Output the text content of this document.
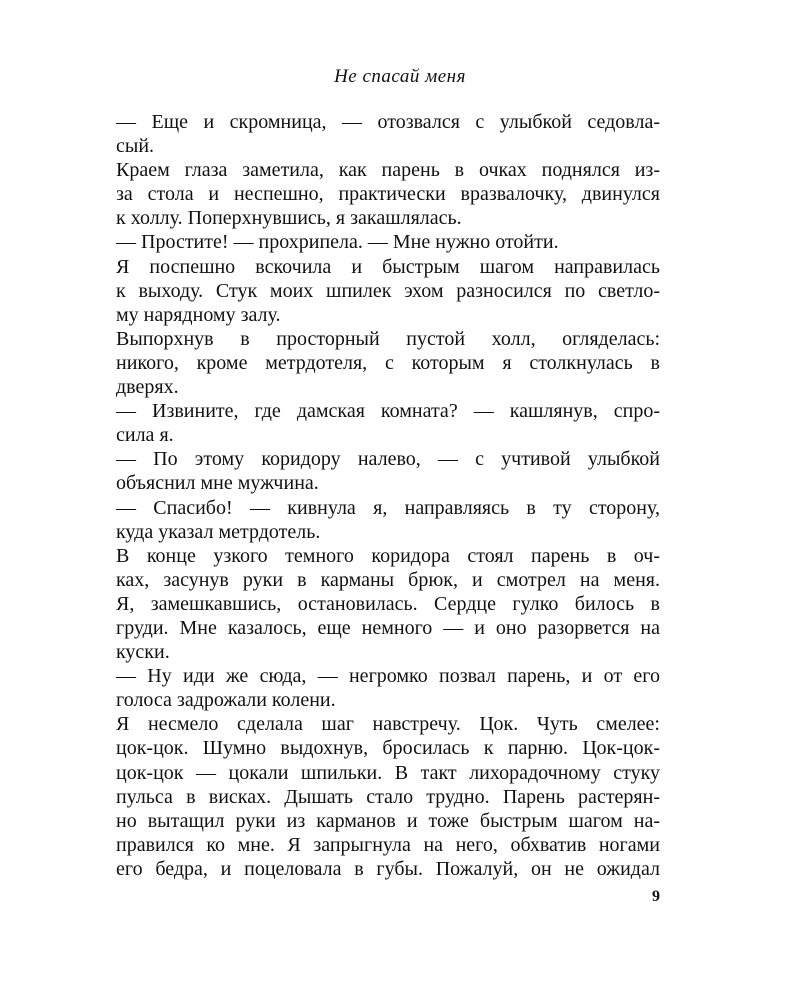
Не спасай меня
— Еще и скромница, — отозвался с улыбкой седовла-
сый.
Краем глаза заметила, как парень в очках поднялся из-
за стола и неспешно, практически вразвалочку, двинулся
к холлу. Поперхнувшись, я закашлялась.
— Простите! — прохрипела. — Мне нужно отойти.
Я поспешно вскочила и быстрым шагом направилась
к выходу. Стук моих шпилек эхом разносился по светло-
му нарядному залу.
Выпорхнув в просторный пустой холл, огляделась:
никого, кроме метрдотеля, с которым я столкнулась в
дверях.
— Извините, где дамская комната? — кашлянув, спро-
сила я.
— По этому коридору налево, — с учтивой улыбкой
объяснил мне мужчина.
— Спасибо! — кивнула я, направляясь в ту сторону,
куда указал метрдотель.
В конце узкого темного коридора стоял парень в оч-
ках, засунув руки в карманы брюк, и смотрел на меня.
Я, замешкавшись, остановилась. Сердце гулко билось в
груди. Мне казалось, еще немного — и оно разорвется на
куски.
— Ну иди же сюда, — негромко позвал парень, и от его
голоса задрожали колени.
Я несмело сделала шаг навстречу. Цок. Чуть смелее:
цок-цок. Шумно выдохнув, бросилась к парню. Цок-цок-
цок-цок — цокали шпильки. В такт лихорадочному стуку
пульса в висках. Дышать стало трудно. Парень растерян-
но вытащил руки из карманов и тоже быстрым шагом на-
правился ко мне. Я запрыгнула на него, обхватив ногами
его бедра, и поцеловала в губы. Пожалуй, он не ожидал
9
